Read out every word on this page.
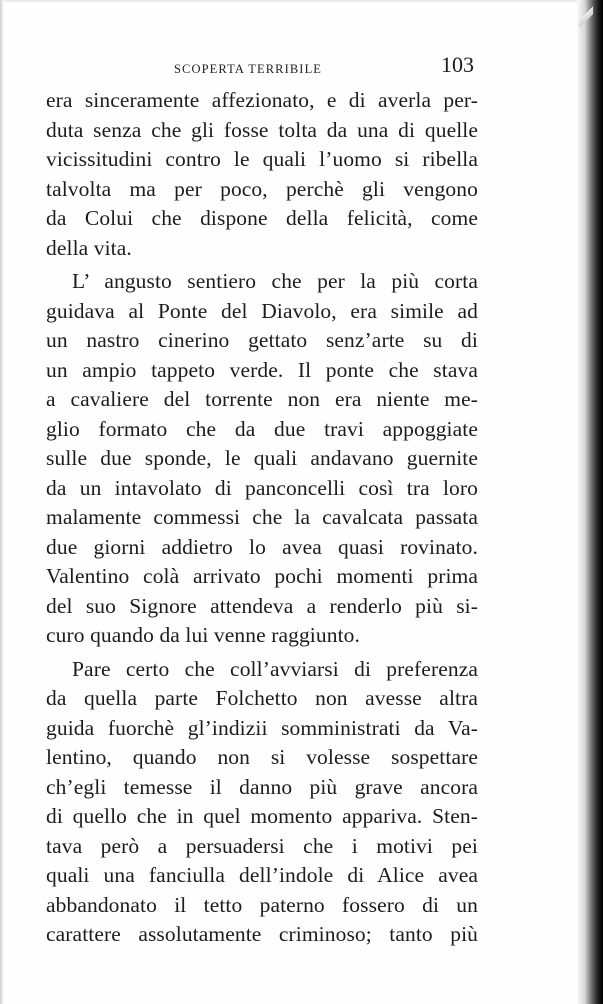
SCOPERTA TERRIBILE	103
era sinceramente affezionato, e di averla per-
duta senza che gli fosse tolta da una di quelle
vicissitudini contro le quali l’uomo si ribella
talvolta ma per poco, perchè gli vengono
da Colui che dispone della felicità, come
della vita.
L’ angusto sentiero che per la più corta
guidava al Ponte del Diavolo, era simile ad
un nastro cinerino gettato senz’arte su di
un ampio tappeto verde. Il ponte che stava
a cavaliere del torrente non era niente me-
glio formato che da due travi appoggiate
sulle due sponde, le quali andavano guernite
da un intavolato di panconcelli così tra loro
malamente commessi che la cavalcata passata
due giorni addietro lo avea quasi rovinato.
Valentino colà arrivato pochi momenti prima
del suo Signore attendeva a renderlo più si-
curo quando da lui venne raggiunto.
Pare certo che coll’avviarsi di preferenza
da quella parte Folchetto non avesse altra
guida fuorchè gl’indizii somministrati da Va-
lentino, quando non si volesse sospettare
ch’egli temesse il danno più grave ancora
di quello che in quel momento appariva. Sten-
tava però a persuadersi che i motivi pei
quali una fanciulla dell’indole di Alice avea
abbandonato il tetto paterno fossero di un
carattere assolutamente criminoso; tanto più
